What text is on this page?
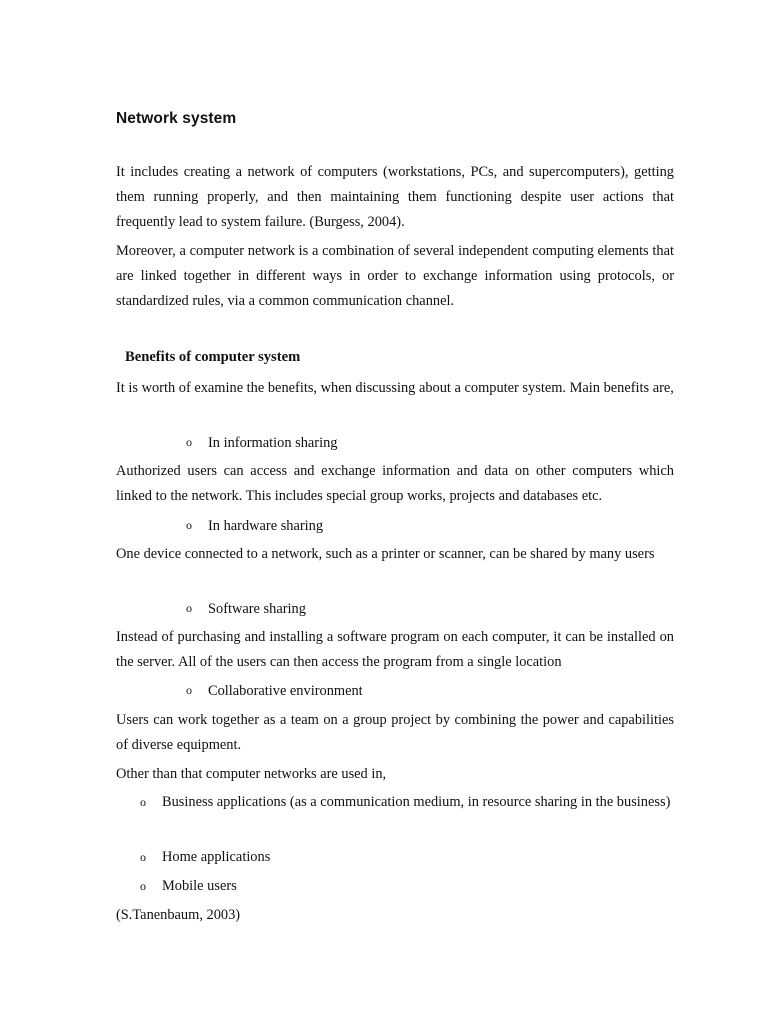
Network system

It includes creating a network of computers (workstations, PCs, and supercomputers), getting them running properly, and then maintaining them functioning despite user actions that frequently lead to system failure. (Burgess, 2004).

Moreover, a computer network is a combination of several independent computing elements that are linked together in different ways in order to exchange information using protocols, or standardized rules, via a common communication channel.

Benefits of computer system

It is worth of examine the benefits, when discussing about a computer system. Main benefits are,

o In information sharing

Authorized users can access and exchange information and data on other computers which linked to the network. This includes special group works, projects and databases etc.

o In hardware sharing

One device connected to a network, such as a printer or scanner, can be shared by many users

o Software sharing

Instead of purchasing and installing a software program on each computer, it can be installed on the server. All of the users can then access the program from a single location

o Collaborative environment

Users can work together as a team on a group project by combining the power and capabilities of diverse equipment.

Other than that computer networks are used in,

o	Business applications (as a communication medium, in resource sharing in the business)
o	Home applications
o	Mobile users

(S.Tanenbaum, 2003)
